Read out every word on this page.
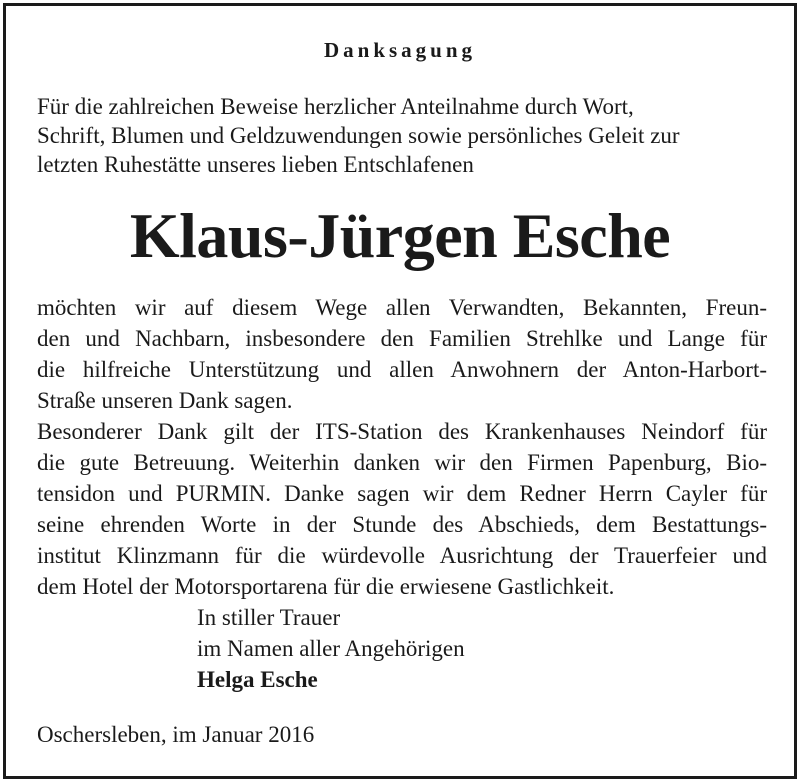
Danksagung
Für die zahlreichen Beweise herzlicher Anteilnahme durch Wort,
Schrift, Blumen und Geldzuwendungen sowie persönliches Geleit zur
letzten Ruhestätte unseres lieben Entschlafenen
Klaus-Jürgen Esche
möchten wir auf diesem Wege allen Verwandten, Bekannten, Freun-
den und Nachbarn, insbesondere den Familien Strehlke und Lange für
die hilfreiche Unterstützung und allen Anwohnern der Anton-Harbort-
Straße unseren Dank sagen.
Besonderer Dank gilt der ITS-Station des Krankenhauses Neindorf für
die gute Betreuung. Weiterhin danken wir den Firmen Papenburg, Bio-
tensidon und PURMIN. Danke sagen wir dem Redner Herrn Cayler für
seine ehrenden Worte in der Stunde des Abschieds, dem Bestattungs-
institut Klinzmann für die würdevolle Ausrichtung der Trauerfeier und
dem Hotel der Motorsportarena für die erwiesene Gastlichkeit.
In stiller Trauer
im Namen aller Angehörigen
Helga Esche
Oschersleben, im Januar 2016
